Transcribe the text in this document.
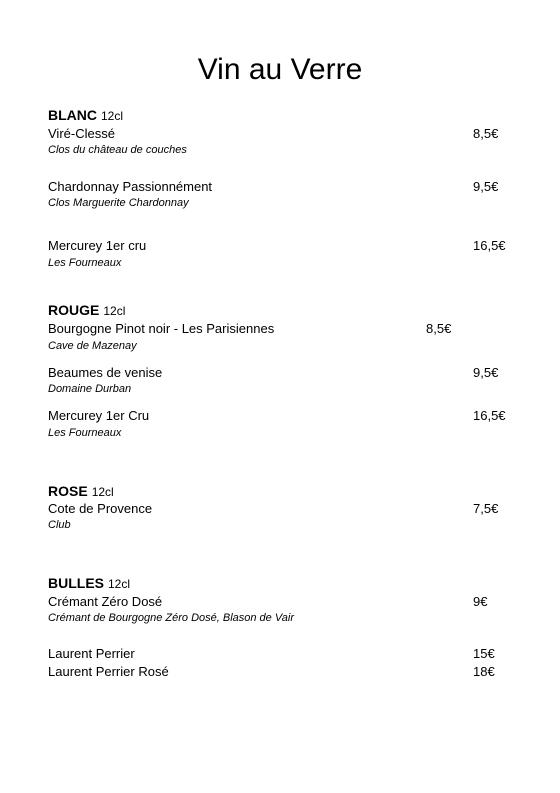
Vin au Verre
BLANC 12cl
Viré-Clessé
Clos du château de couches
8,5€
Chardonnay Passionnément
Clos Marguerite Chardonnay
9,5€
Mercurey 1er cru
Les Fourneaux
16,5€
ROUGE 12cl
Bourgogne Pinot noir - Les Parisiennes
Cave de Mazenay
8,5€
Beaumes de venise
Domaine Durban
9,5€
Mercurey 1er Cru
Les Fourneaux
16,5€
ROSE 12cl
Cote de Provence
Club
7,5€
BULLES 12cl
Crémant Zéro Dosé
Crémant de Bourgogne Zéro Dosé, Blason de Vair
9€
Laurent Perrier	15€
Laurent Perrier Rosé	18€
